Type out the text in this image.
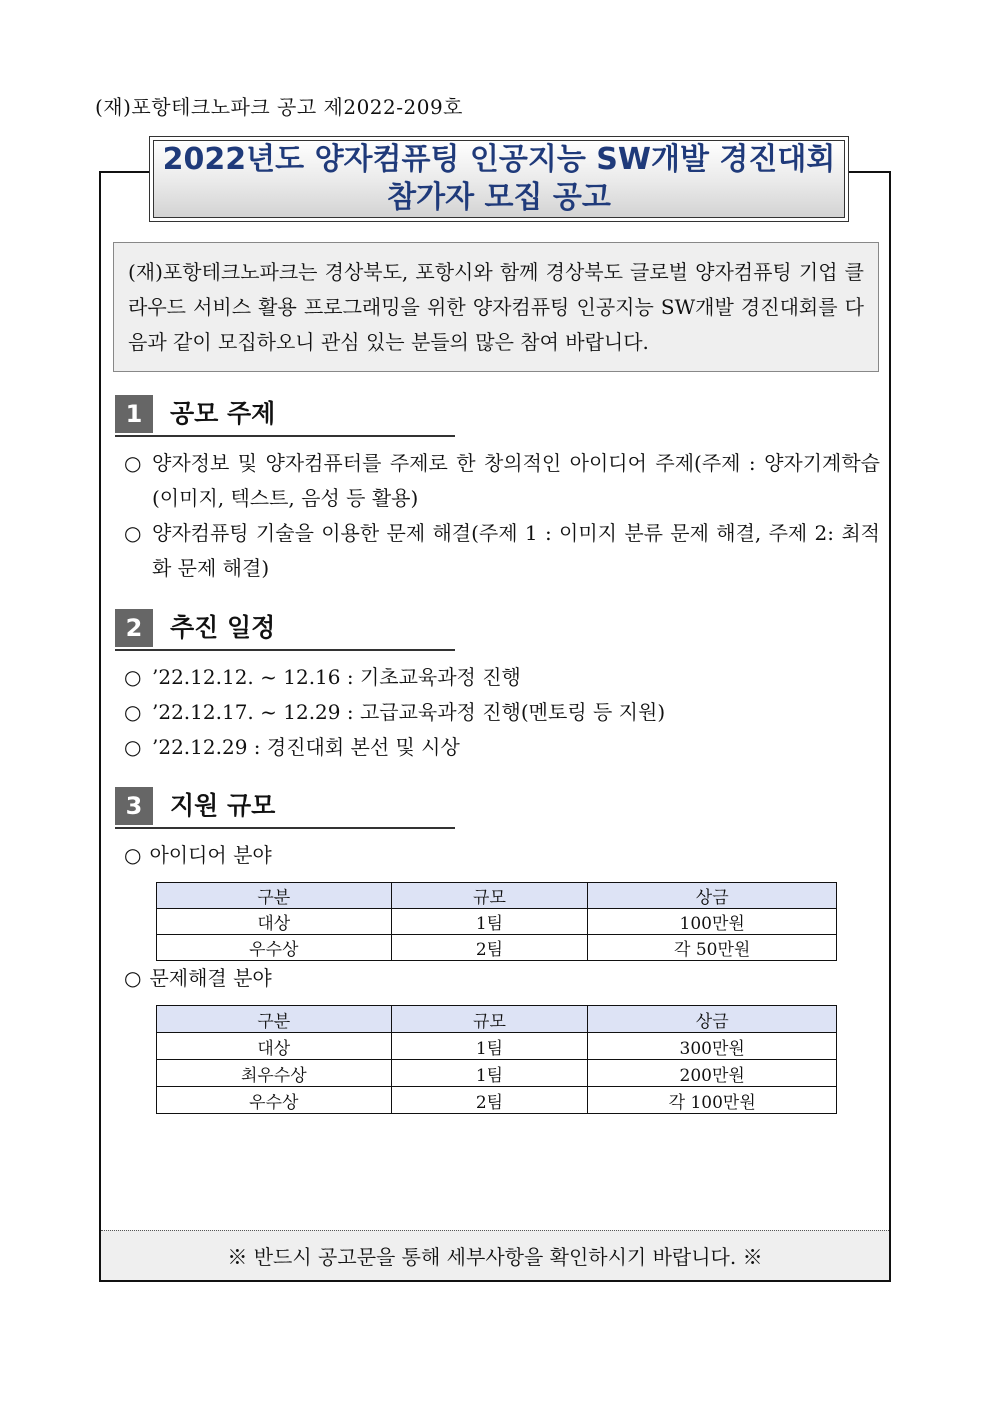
(재)포항테크노파크 공고 제2022-209호
2022년도 양자컴퓨팅 인공지능 SW개발 경진대회
참가자 모집 공고
(재)포항테크노파크는 경상북도, 포항시와 함께 경상북도 글로벌 양자컴퓨팅 기업 클라우드 서비스 활용 프로그래밍을 위한 양자컴퓨팅 인공지능 SW개발 경진대회를 다음과 같이 모집하오니 관심 있는 분들의 많은 참여 바랍니다.
1	공모 주제
○ 양자정보 및 양자컴퓨터를 주제로 한 창의적인 아이디어 주제(주제 : 양자기계학습(이미지, 텍스트, 음성 등 활용)
○ 양자컴퓨팅 기술을 이용한 문제 해결(주제 1 : 이미지 분류 문제 해결, 주제 2: 최적화 문제 해결)
2	추진 일정
○ ’22.12.12. ~ 12.16 : 기초교육과정 진행
○ ’22.12.17. ~ 12.29 : 고급교육과정 진행(멘토링 등 지원)
○ ’22.12.29 : 경진대회 본선 및 시상
3	지원 규모
○ 아이디어 분야
구분	규모	상금
대상	1팀	100만원
우수상	2팀	각 50만원
○ 문제해결 분야
구분	규모	상금
대상	1팀	300만원
최우수상	1팀	200만원
우수상	2팀	각 100만원
※ 반드시 공고문을 통해 세부사항을 확인하시기 바랍니다. ※
